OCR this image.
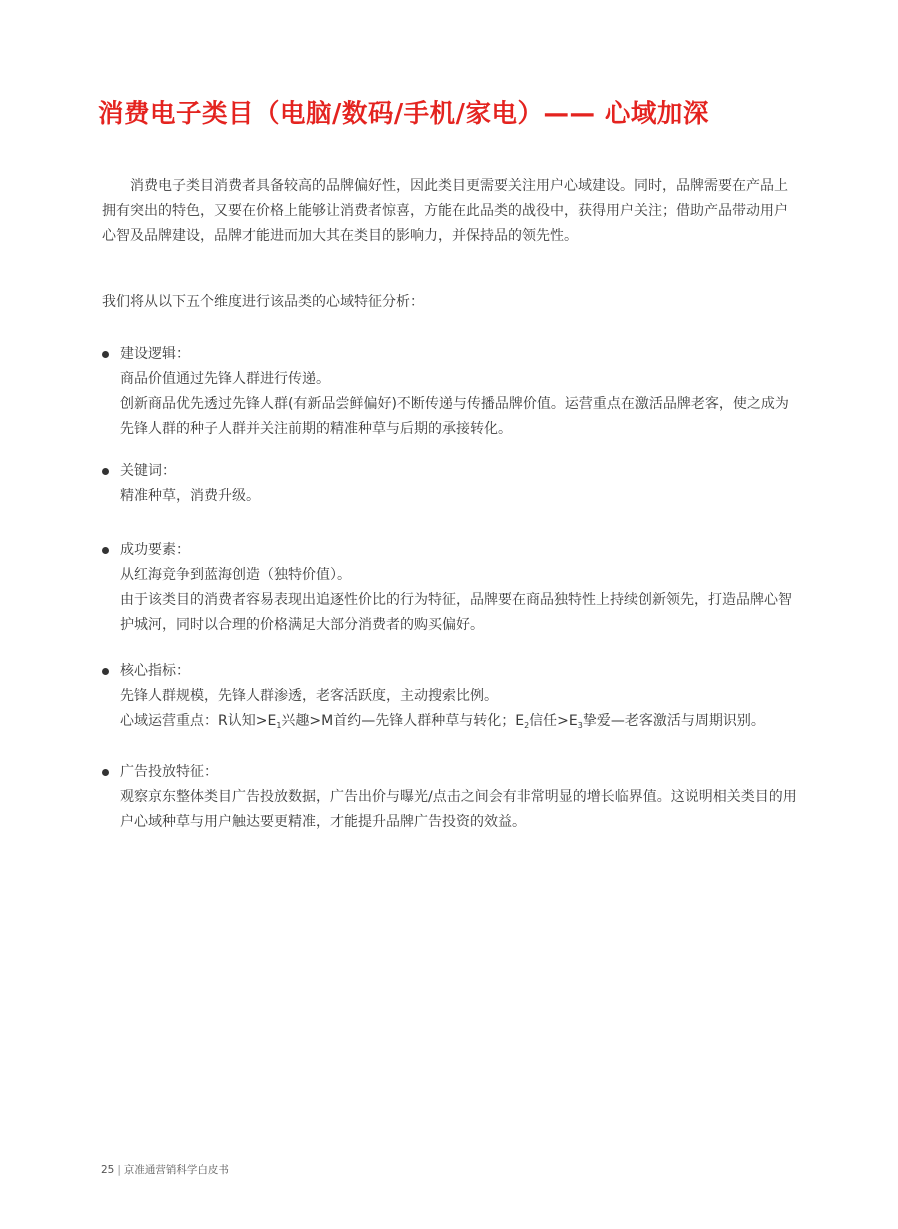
消费电子类目（电脑/数码/手机/家电）—— 心域加深

消费电子类目消费者具备较高的品牌偏好性，因此类目更需要关注用户心域建设。同时，品牌需要在产品上拥有突出的特色，又要在价格上能够让消费者惊喜，方能在此品类的战役中，获得用户关注；借助产品带动用户心智及品牌建设，品牌才能进而加大其在类目的影响力，并保持品的领先性。

我们将从以下五个维度进行该品类的心域特征分析：

建设逻辑：

商品价值通过先锋人群进行传递。

创新商品优先透过先锋人群(有新品尝鲜偏好)不断传递与传播品牌价值。运营重点在激活品牌老客，使之成为先锋人群的种子人群并关注前期的精准种草与后期的承接转化。

关键词：

精准种草，消费升级。

成功要素：

从红海竞争到蓝海创造（独特价值）。

由于该类目的消费者容易表现出追逐性价比的行为特征，品牌要在商品独特性上持续创新领先，打造品牌心智护城河，同时以合理的价格满足大部分消费者的购买偏好。

核心指标：

先锋人群规模，先锋人群渗透，老客活跃度，主动搜索比例。

心域运营重点：R认知$>E_1$兴趣>M首约—先锋人群种草与转化；$E_2$信任$>E_3$挚爱—老客激活与周期识别。

广告投放特征：

观察京东整体类目广告投放数据，广告出价与曝光/点击之间会有非常明显的增长临界值。这说明相关类目的用户心域种草与用户触达要更精准，才能提升品牌广告投资的效益。

25 | 京准通营销科学白皮书
